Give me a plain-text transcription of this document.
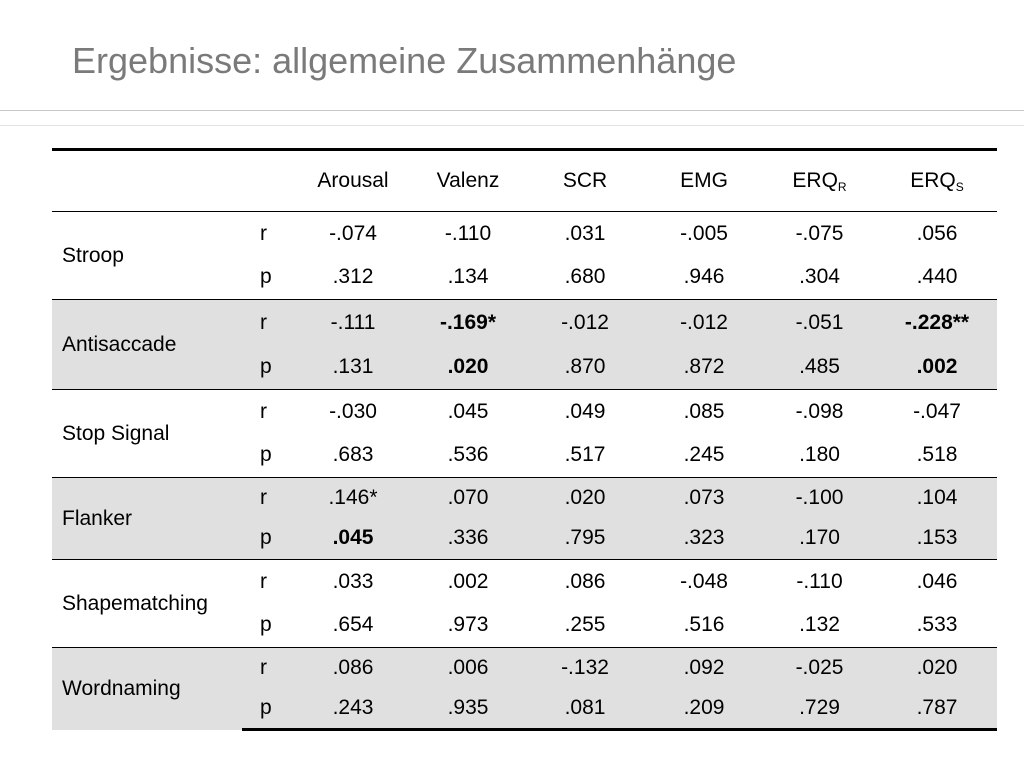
Ergebnisse: allgemeine Zusammenhänge
		Arousal	Valenz	SCR	EMG	$ERQ_R$	$ERQ_S$
Stroop	r	-.074	-.110	.031	-.005	-.075	.056
	p	.312	.134	.680	.946	.304	.440
Antisaccade	r	-.111	-.169*	-.012	-.012	-.051	-.228**
	p	.131	.020	.870	.872	.485	.002
Stop Signal	r	-.030	.045	.049	.085	-.098	-.047
	p	.683	.536	.517	.245	.180	.518
Flanker	r	.146*	.070	.020	.073	-.100	.104
	p	.045	.336	.795	.323	.170	.153
Shapematching	r	.033	.002	.086	-.048	-.110	.046
	p	.654	.973	.255	.516	.132	.533
Wordnaming	r	.086	.006	-.132	.092	-.025	.020
	p	.243	.935	.081	.209	.729	.787
